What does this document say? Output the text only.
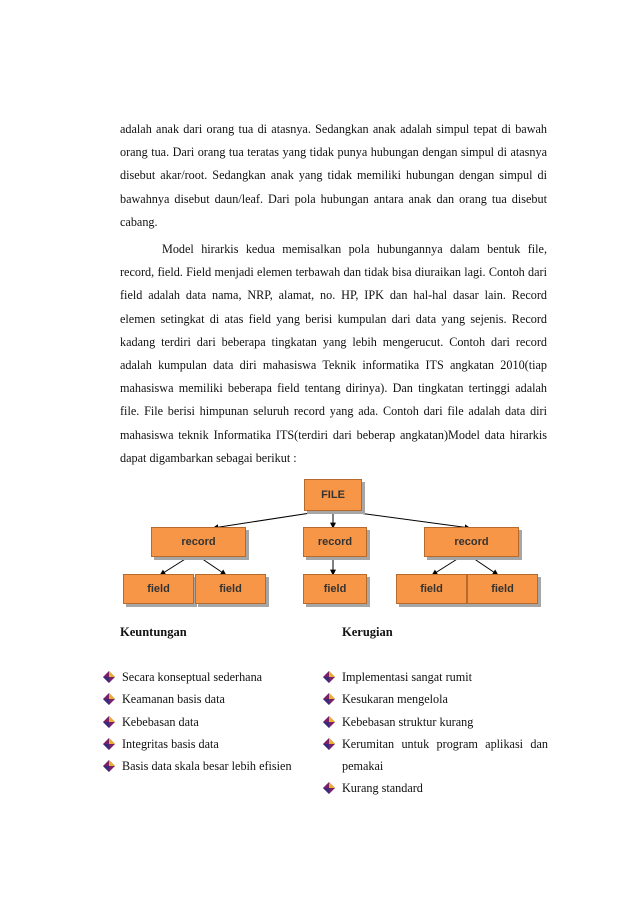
adalah anak dari orang tua di atasnya. Sedangkan anak adalah simpul tepat di bawah orang tua. Dari orang tua teratas yang tidak punya hubungan dengan simpul di atasnya disebut akar/root. Sedangkan anak yang tidak memiliki hubungan dengan simpul di bawahnya disebut daun/leaf. Dari pola hubungan antara anak dan orang tua disebut cabang.

Model hirarkis kedua memisalkan pola hubungannya dalam bentuk file, record, field. Field menjadi elemen terbawah dan tidak bisa diuraikan lagi. Contoh dari field adalah data nama, NRP, alamat, no. HP, IPK dan hal-hal dasar lain. Record elemen setingkat di atas field yang berisi kumpulan dari data yang sejenis. Record kadang terdiri dari beberapa tingkatan yang lebih mengerucut. Contoh dari record adalah kumpulan data diri mahasiswa Teknik informatika ITS angkatan 2010(tiap mahasiswa memiliki beberapa field tentang dirinya). Dan tingkatan tertinggi adalah file. File berisi himpunan seluruh record yang ada. Contoh dari file adalah data diri mahasiswa teknik Informatika ITS(terdiri dari beberap angkatan)Model data hirarkis dapat digambarkan sebagai berikut :

FILE
record	record	record
field	field	field	field	field

Keuntungan	Kerugian

Secara konseptual sederhana
Keamanan basis data
Kebebasan data
Integritas basis data
Basis data skala besar lebih efisien
Implementasi sangat rumit
Kesukaran mengelola
Kebebasan struktur kurang
Kerumitan untuk program aplikasi dan pemakai
Kurang standard
